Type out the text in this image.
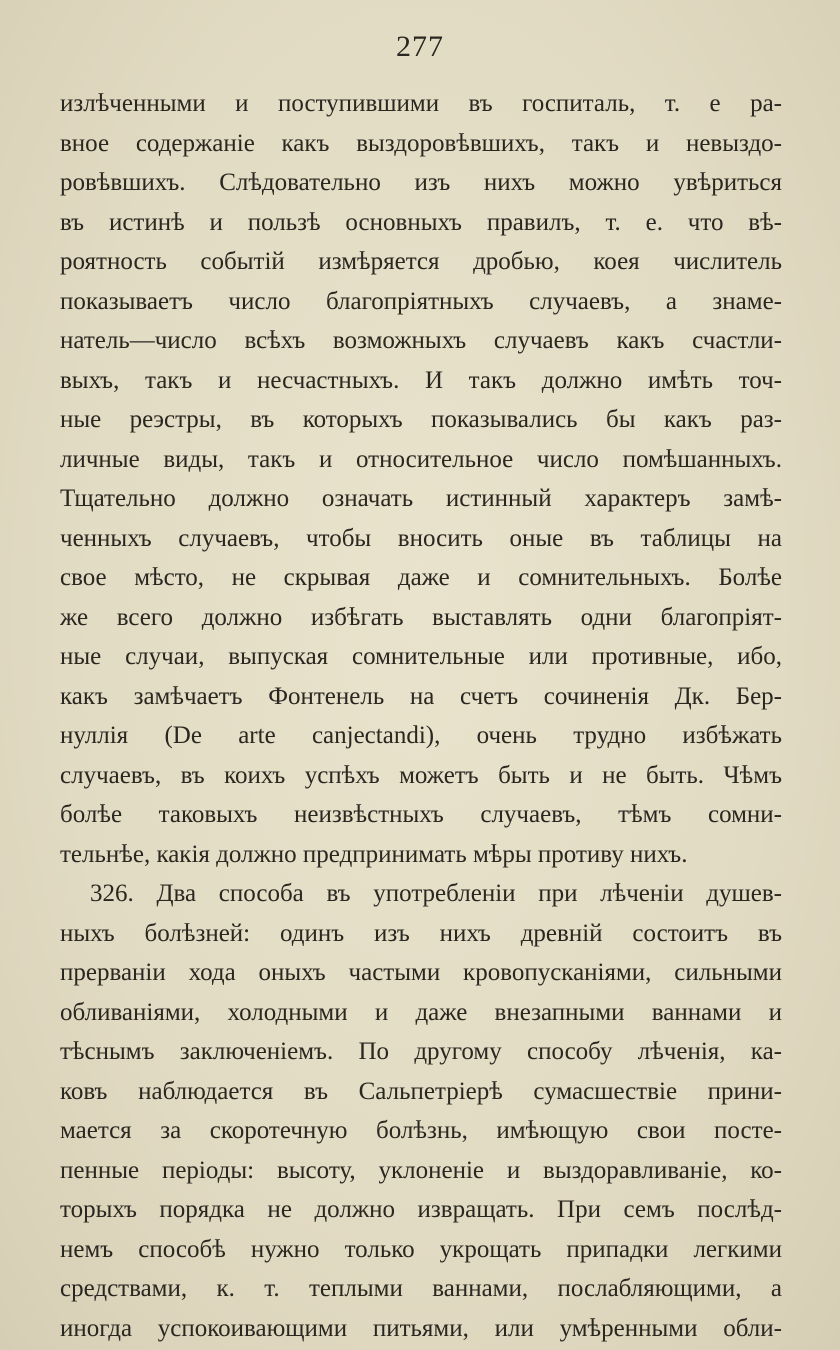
277
излѣченными и поступившими въ госпиталь, т. е ра-
вное содержаніе какъ выздоровѣвшихъ, такъ и невыздо-
ровѣвшихъ. Слѣдовательно изъ нихъ можно увѣриться
въ истинѣ и пользѣ основныхъ правилъ, т. е. что вѣ-
роятность событій измѣряется дробью, коея числитель
показываетъ число благопріятныхъ случаевъ, а знаме-
натель—число всѣхъ возможныхъ случаевъ какъ счастли-
выхъ, такъ и несчастныхъ. И такъ должно имѣть точ-
ные реэстры, въ которыхъ показывались бы какъ раз-
личные виды, такъ и относительное число помѣшанныхъ.
Тщательно должно означать истинный характеръ замѣ-
ченныхъ случаевъ, чтобы вносить оные въ таблицы на
свое мѣсто, не скрывая даже и сомнительныхъ. Болѣе
же всего должно избѣгать выставлять одни благопріят-
ные случаи, выпуская сомнительные или противные, ибо,
какъ замѣчаетъ Фонтенель на счетъ сочиненія Дк. Бер-
нуллія (De arte canjectandi), очень трудно избѣжать
случаевъ, въ коихъ успѣхъ можетъ быть и не быть. Чѣмъ
болѣе таковыхъ неизвѣстныхъ случаевъ, тѣмъ сомни-
тельнѣе, какія должно предпринимать мѣры противу нихъ.
326. Два способа въ употребленіи при лѣченіи душев-
ныхъ болѣзней: одинъ изъ нихъ древній состоитъ въ
прерваніи хода оныхъ частыми кровопусканіями, сильными
обливаніями, холодными и даже внезапными ваннами и
тѣснымъ заключеніемъ. По другому способу лѣченія, ка-
ковъ наблюдается въ Сальпетріерѣ сумасшествіе прини-
мается за скоротечную болѣзнь, имѣющую свои посте-
пенные періоды: высоту, уклоненіе и выздоравливаніе, ко-
торыхъ порядка не должно извращать. При семъ послѣд-
немъ способѣ нужно только укрощать припадки легкими
средствами, к. т. теплыми ваннами, послабляющими, а
иногда успокоивающими питьями, или умѣренными обли-
